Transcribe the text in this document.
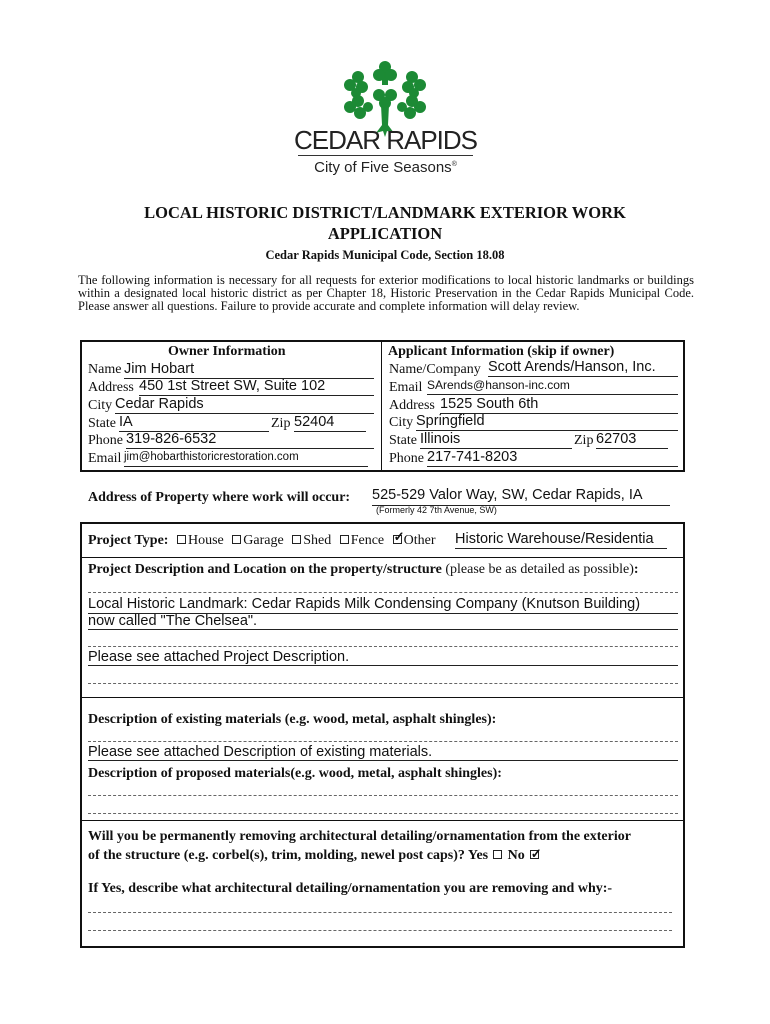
CEDAR RAPIDS
City of Five Seasons®
LOCAL HISTORIC DISTRICT/LANDMARK EXTERIOR WORK
APPLICATION
Cedar Rapids Municipal Code, Section 18.08
The following information is necessary for all requests for exterior modifications to local historic landmarks or buildings within a designated local historic district as per Chapter 18, Historic Preservation in the Cedar Rapids Municipal Code. Please answer all questions. Failure to provide accurate and complete information will delay review.
Owner Information
Name Jim Hobart
Address 450 1st Street SW, Suite 102
City Cedar Rapids
State IA	Zip 52404
Phone 319-826-6532
Email jim@hobarthistoricrestoration.com
Applicant Information (skip if owner)
Name/Company Scott Arends/Hanson, Inc.
Email SArends@hanson-inc.com
Address 1525 South 6th
City Springfield
State Illinois	Zip 62703
Phone 217-741-8203
Address of Property where work will occur: 525-529 Valor Way, SW, Cedar Rapids, IA
(Formerly 42 7th Avenue, SW)
Project Type: House Garage Shed Fence ✓ Other Historic Warehouse/Residentia
Project Description and Location on the property/structure (please be as detailed as possible):
Local Historic Landmark: Cedar Rapids Milk Condensing Company (Knutson Building)
now called "The Chelsea".
Please see attached Project Description.
Description of existing materials (e.g. wood, metal, asphalt shingles):
Please see attached Description of existing materials.
Description of proposed materials(e.g. wood, metal, asphalt shingles):
Will you be permanently removing architectural detailing/ornamentation from the exterior
of the structure (e.g. corbel(s), trim, molding, newel post caps)? Yes No✓
If Yes, describe what architectural detailing/ornamentation you are removing and why:-
